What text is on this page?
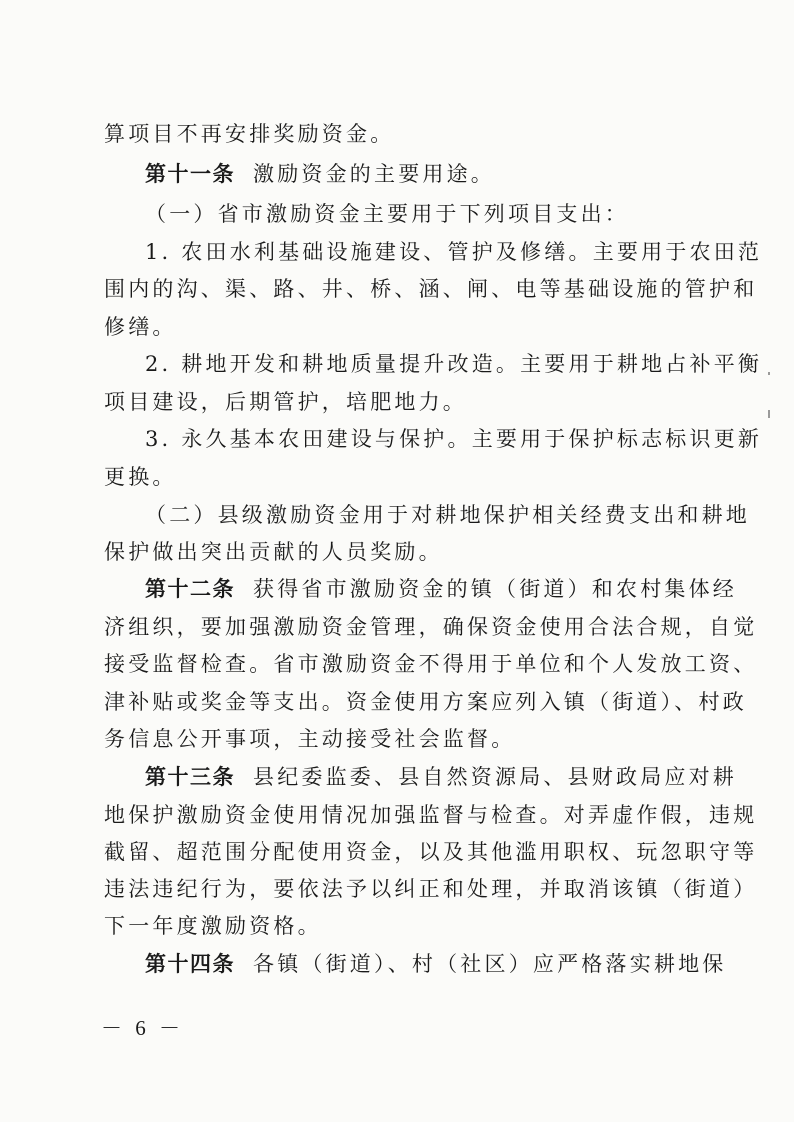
算项目不再安排奖励资金。
第十一条 激励资金的主要用途。
（一）省市激励资金主要用于下列项目支出：
1. 农田水利基础设施建设、管护及修缮。主要用于农田范
围内的沟、渠、路、井、桥、涵、闸、电等基础设施的管护和
修缮。
2. 耕地开发和耕地质量提升改造。主要用于耕地占补平衡
项目建设，后期管护，培肥地力。
3. 永久基本农田建设与保护。主要用于保护标志标识更新
更换。
（二）县级激励资金用于对耕地保护相关经费支出和耕地
保护做出突出贡献的人员奖励。
第十二条 获得省市激励资金的镇（街道）和农村集体经
济组织，要加强激励资金管理，确保资金使用合法合规，自觉
接受监督检查。省市激励资金不得用于单位和个人发放工资、
津补贴或奖金等支出。资金使用方案应列入镇（街道）、村政
务信息公开事项，主动接受社会监督。
第十三条 县纪委监委、县自然资源局、县财政局应对耕
地保护激励资金使用情况加强监督与检查。对弄虚作假，违规
截留、超范围分配使用资金，以及其他滥用职权、玩忽职守等
违法违纪行为，要依法予以纠正和处理，并取消该镇（街道）
下一年度激励资格。
第十四条 各镇（街道）、村（社区）应严格落实耕地保
－ 6 －
